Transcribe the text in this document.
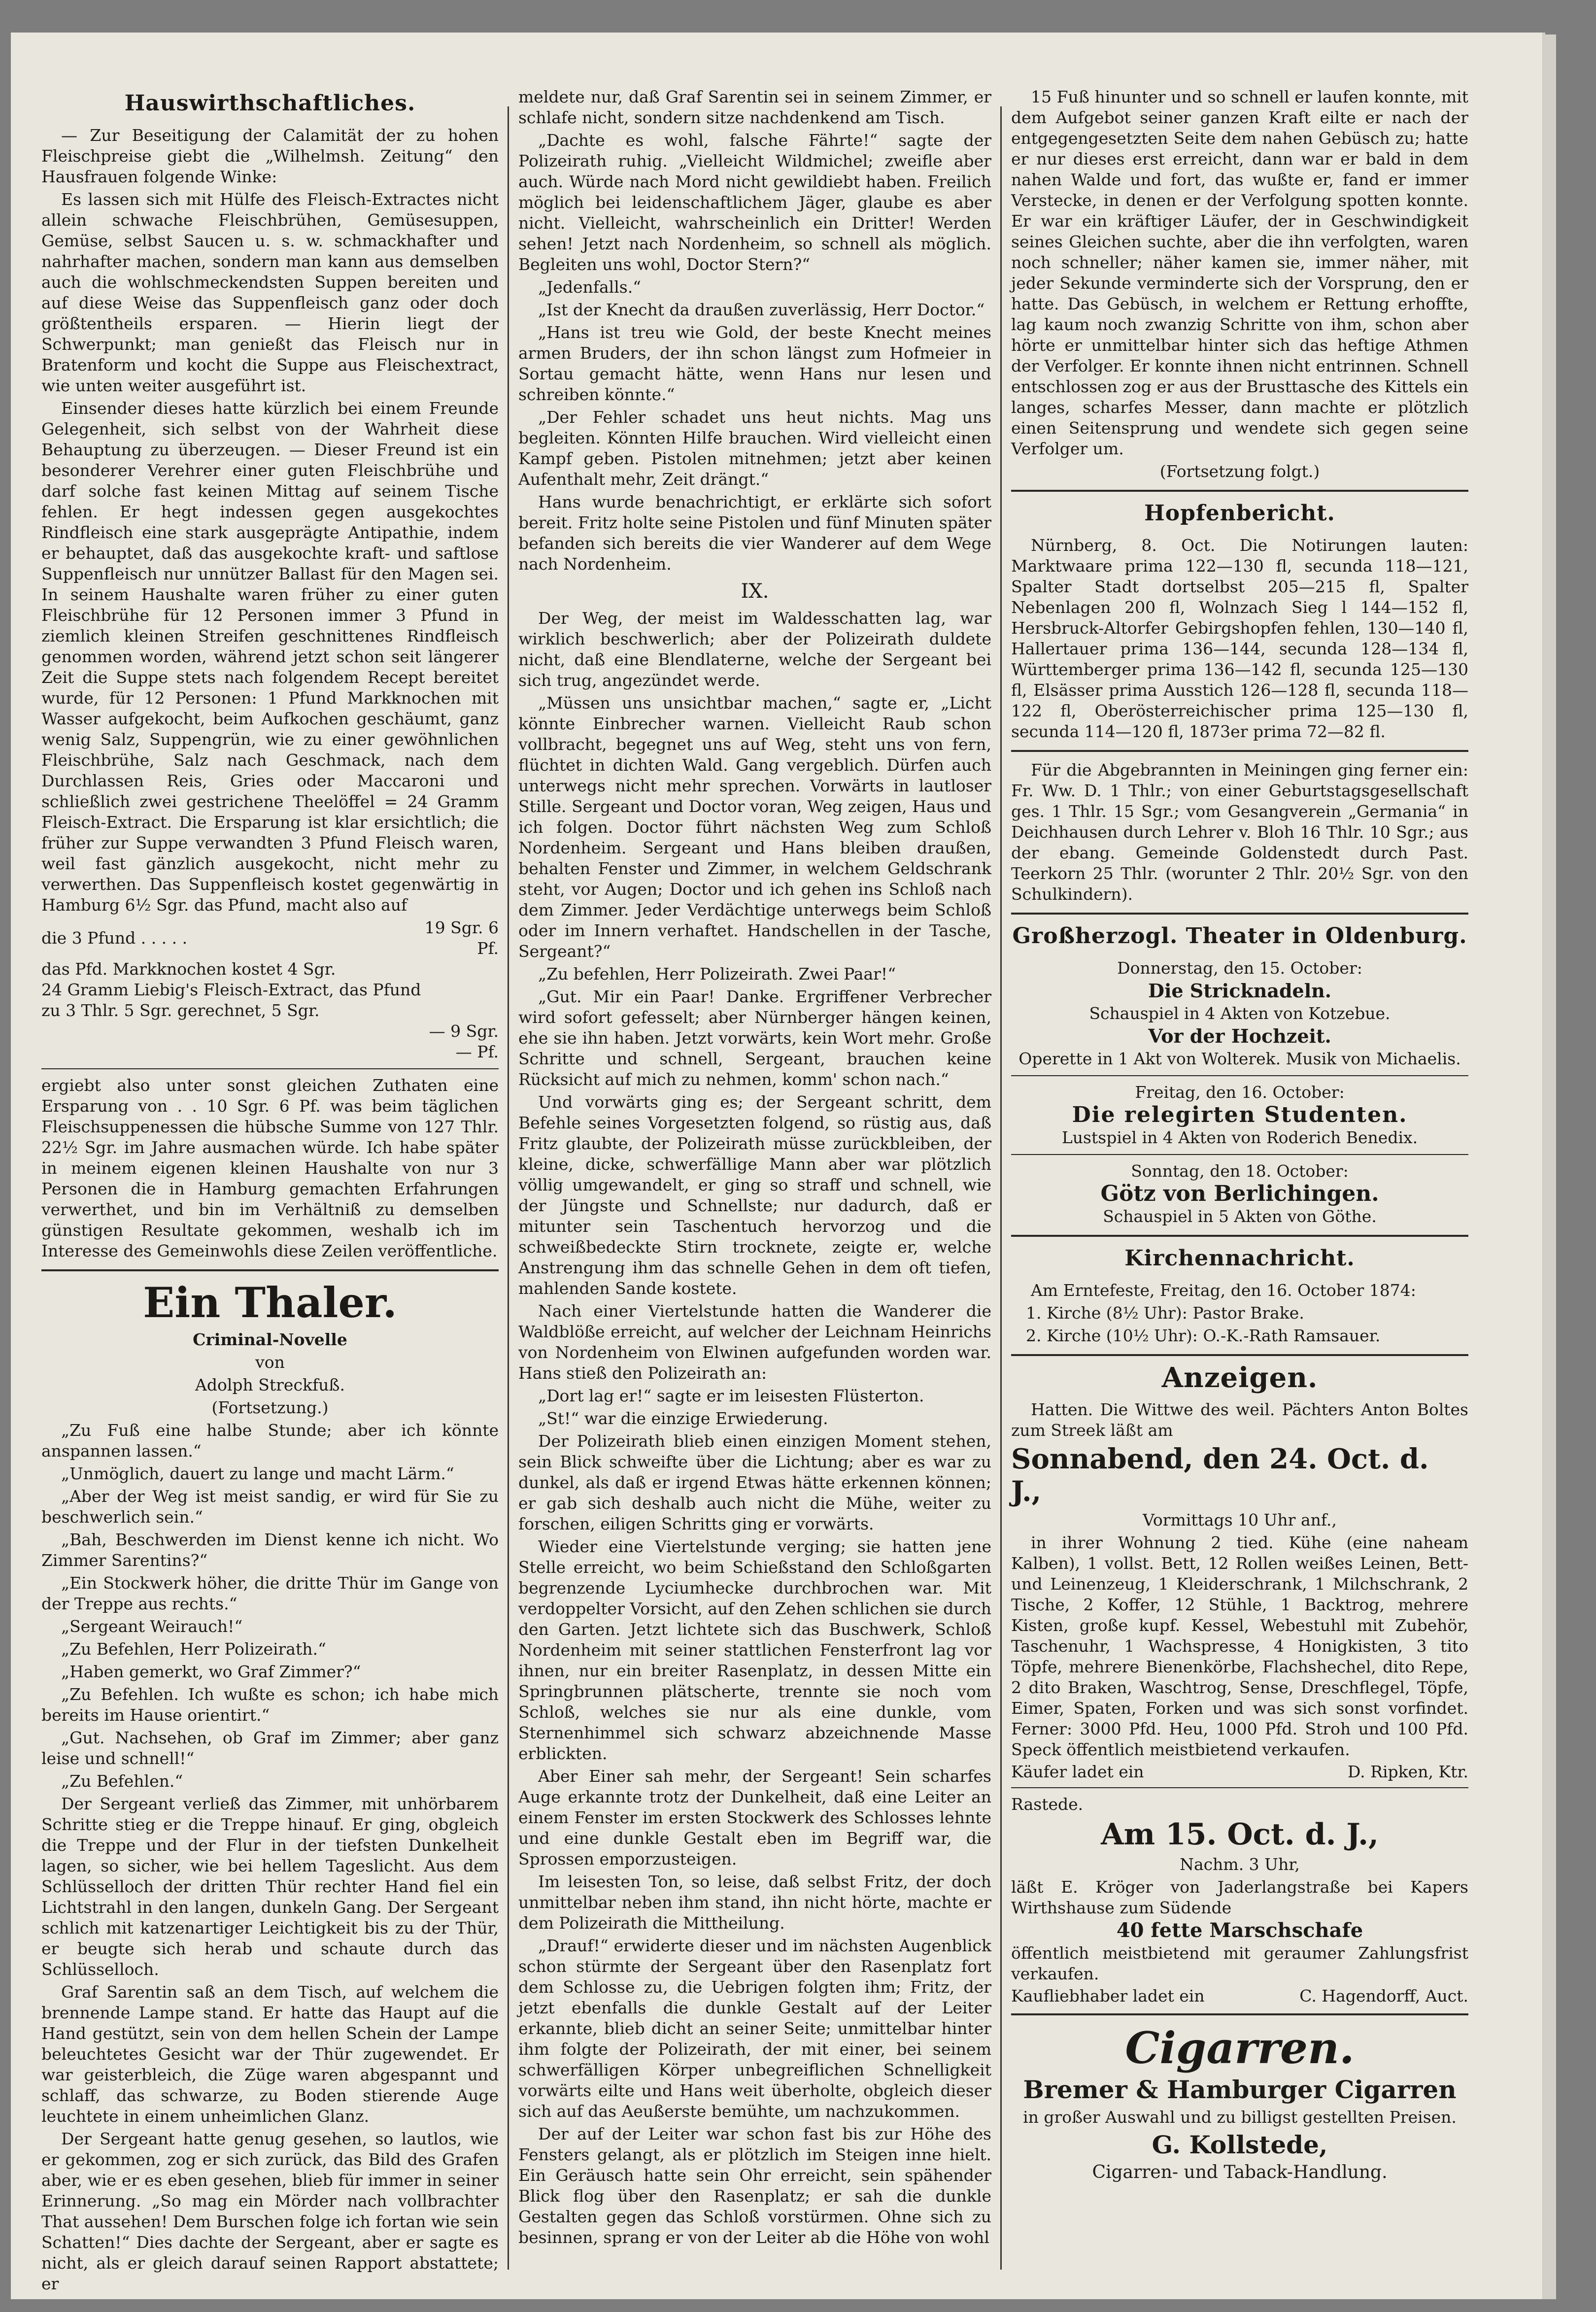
Hauswirthschaftliches.

— Zur Beseitigung der Calamität der zu hohen Fleischpreise giebt die „Wilhelmsh. Zeitung“ den Hausfrauen folgende Winke:

Es lassen sich mit Hülfe des Fleisch-Extractes nicht allein schwache Fleischbrühen, Gemüsesuppen, Gemüse, selbst Saucen u. s. w. schmackhafter und nahrhafter machen, sondern man kann aus demselben auch die wohlschmeckendsten Suppen bereiten und auf diese Weise das Suppenfleisch ganz oder doch größtentheils ersparen. — Hierin liegt der Schwerpunkt; man genießt das Fleisch nur in Bratenform und kocht die Suppe aus Fleischextract, wie unten weiter ausgeführt ist.

Einsender dieses hatte kürzlich bei einem Freunde Gelegenheit, sich selbst von der Wahrheit diese Behauptung zu überzeugen. — Dieser Freund ist ein besonderer Verehrer einer guten Fleischbrühe und darf solche fast keinen Mittag auf seinem Tische fehlen. Er hegt indessen gegen ausgekochtes Rindfleisch eine stark ausgeprägte Antipathie, indem er behauptet, daß das ausgekochte kraft- und saftlose Suppenfleisch nur unnützer Ballast für den Magen sei. In seinem Haushalte waren früher zu einer guten Fleischbrühe für 12 Personen immer 3 Pfund in ziemlich kleinen Streifen geschnittenes Rindfleisch genommen worden, während jetzt schon seit längerer Zeit die Suppe stets nach folgendem Recept bereitet wurde, für 12 Personen: 1 Pfund Markknochen mit Wasser aufgekocht, beim Aufkochen geschäumt, ganz wenig Salz, Suppengrün, wie zu einer gewöhnlichen Fleischbrühe, Salz nach Geschmack, nach dem Durchlassen Reis, Gries oder Maccaroni und schließlich zwei gestrichene Theelöffel = 24 Gramm Fleisch-Extract. Die Ersparung ist klar ersichtlich; die früher zur Suppe verwandten 3 Pfund Fleisch waren, weil fast gänzlich ausgekocht, nicht mehr zu verwerthen. Das Suppenfleisch kostet gegenwärtig in Hamburg 6½ Sgr. das Pfund, macht also auf

die 3 Pfund . . . . .	19 Sgr. 6 Pf.
das Pfd. Markknochen kostet 4 Sgr.	
24 Gramm Liebig's Fleisch-Extract, das Pfund zu 3 Thlr. 5 Sgr. gerechnet, 5 Sgr.	
	— 9 Sgr. — Pf.

ergiebt also unter sonst gleichen Zuthaten eine Ersparung von . . 10 Sgr. 6 Pf. was beim täglichen Fleischsuppenessen die hübsche Summe von 127 Thlr. 22½ Sgr. im Jahre ausmachen würde. Ich habe später in meinem eigenen kleinen Haushalte von nur 3 Personen die in Hamburg gemachten Erfahrungen verwerthet, und bin im Verhältniß zu demselben günstigen Resultate gekommen, weshalb ich im Interesse des Gemeinwohls diese Zeilen veröffentliche.

Ein Thaler.

Criminal-Novelle

von

Adolph Streckfuß.

(Fortsetzung.)

„Zu Fuß eine halbe Stunde; aber ich könnte anspannen lassen.“

„Unmöglich, dauert zu lange und macht Lärm.“

„Aber der Weg ist meist sandig, er wird für Sie zu beschwerlich sein.“

„Bah, Beschwerden im Dienst kenne ich nicht. Wo Zimmer Sarentins?“

„Ein Stockwerk höher, die dritte Thür im Gange von der Treppe aus rechts.“

„Sergeant Weirauch!“

„Zu Befehlen, Herr Polizeirath.“

„Haben gemerkt, wo Graf Zimmer?“

„Zu Befehlen. Ich wußte es schon; ich habe mich bereits im Hause orientirt.“

„Gut. Nachsehen, ob Graf im Zimmer; aber ganz leise und schnell!“

„Zu Befehlen.“

Der Sergeant verließ das Zimmer, mit unhörbarem Schritte stieg er die Treppe hinauf. Er ging, obgleich die Treppe und der Flur in der tiefsten Dunkelheit lagen, so sicher, wie bei hellem Tageslicht. Aus dem Schlüsselloch der dritten Thür rechter Hand fiel ein Lichtstrahl in den langen, dunkeln Gang. Der Sergeant schlich mit katzenartiger Leichtigkeit bis zu der Thür, er beugte sich herab und schaute durch das Schlüsselloch.

Graf Sarentin saß an dem Tisch, auf welchem die brennende Lampe stand. Er hatte das Haupt auf die Hand gestützt, sein von dem hellen Schein der Lampe beleuchtetes Gesicht war der Thür zugewendet. Er war geisterbleich, die Züge waren abgespannt und schlaff, das schwarze, zu Boden stierende Auge leuchtete in einem unheimlichen Glanz.

Der Sergeant hatte genug gesehen, so lautlos, wie er gekommen, zog er sich zurück, das Bild des Grafen aber, wie er es eben gesehen, blieb für immer in seiner Erinnerung. „So mag ein Mörder nach vollbrachter That aussehen! Dem Burschen folge ich fortan wie sein Schatten!“ Dies dachte der Sergeant, aber er sagte es nicht, als er gleich darauf seinen Rapport abstattete; er

meldete nur, daß Graf Sarentin sei in seinem Zimmer, er schlafe nicht, sondern sitze nachdenkend am Tisch.

„Dachte es wohl, falsche Fährte!“ sagte der Polizeirath ruhig. „Vielleicht Wildmichel; zweifle aber auch. Würde nach Mord nicht gewildiebt haben. Freilich möglich bei leidenschaftlichem Jäger, glaube es aber nicht. Vielleicht, wahrscheinlich ein Dritter! Werden sehen! Jetzt nach Nordenheim, so schnell als möglich. Begleiten uns wohl, Doctor Stern?“

„Jedenfalls.“

„Ist der Knecht da draußen zuverlässig, Herr Doctor.“

„Hans ist treu wie Gold, der beste Knecht meines armen Bruders, der ihn schon längst zum Hofmeier in Sortau gemacht hätte, wenn Hans nur lesen und schreiben könnte.“

„Der Fehler schadet uns heut nichts. Mag uns begleiten. Könnten Hilfe brauchen. Wird vielleicht einen Kampf geben. Pistolen mitnehmen; jetzt aber keinen Aufenthalt mehr, Zeit drängt.“

Hans wurde benachrichtigt, er erklärte sich sofort bereit. Fritz holte seine Pistolen und fünf Minuten später befanden sich bereits die vier Wanderer auf dem Wege nach Nordenheim.

IX.

Der Weg, der meist im Waldesschatten lag, war wirklich beschwerlich; aber der Polizeirath duldete nicht, daß eine Blendlaterne, welche der Sergeant bei sich trug, angezündet werde.

„Müssen uns unsichtbar machen,“ sagte er, „Licht könnte Einbrecher warnen. Vielleicht Raub schon vollbracht, begegnet uns auf Weg, steht uns von fern, flüchtet in dichten Wald. Gang vergeblich. Dürfen auch unterwegs nicht mehr sprechen. Vorwärts in lautloser Stille. Sergeant und Doctor voran, Weg zeigen, Haus und ich folgen. Doctor führt nächsten Weg zum Schloß Nordenheim. Sergeant und Hans bleiben draußen, behalten Fenster und Zimmer, in welchem Geldschrank steht, vor Augen; Doctor und ich gehen ins Schloß nach dem Zimmer. Jeder Verdächtige unterwegs beim Schloß oder im Innern verhaftet. Handschellen in der Tasche, Sergeant?“

„Zu befehlen, Herr Polizeirath. Zwei Paar!“

„Gut. Mir ein Paar! Danke. Ergriffener Verbrecher wird sofort gefesselt; aber Nürnberger hängen keinen, ehe sie ihn haben. Jetzt vorwärts, kein Wort mehr. Große Schritte und schnell, Sergeant, brauchen keine Rücksicht auf mich zu nehmen, komm' schon nach.“

Und vorwärts ging es; der Sergeant schritt, dem Befehle seines Vorgesetzten folgend, so rüstig aus, daß Fritz glaubte, der Polizeirath müsse zurückbleiben, der kleine, dicke, schwerfällige Mann aber war plötzlich völlig umgewandelt, er ging so straff und schnell, wie der Jüngste und Schnellste; nur dadurch, daß er mitunter sein Taschentuch hervorzog und die schweißbedeckte Stirn trocknete, zeigte er, welche Anstrengung ihm das schnelle Gehen in dem oft tiefen, mahlenden Sande kostete.

Nach einer Viertelstunde hatten die Wanderer die Waldblöße erreicht, auf welcher der Leichnam Heinrichs von Nordenheim von Elwinen aufgefunden worden war. Hans stieß den Polizeirath an:

„Dort lag er!“ sagte er im leisesten Flüsterton.

„St!“ war die einzige Erwiederung.

Der Polizeirath blieb einen einzigen Moment stehen, sein Blick schweifte über die Lichtung; aber es war zu dunkel, als daß er irgend Etwas hätte erkennen können; er gab sich deshalb auch nicht die Mühe, weiter zu forschen, eiligen Schritts ging er vorwärts.

Wieder eine Viertelstunde verging; sie hatten jene Stelle erreicht, wo beim Schießstand den Schloßgarten begrenzende Lyciumhecke durchbrochen war. Mit verdoppelter Vorsicht, auf den Zehen schlichen sie durch den Garten. Jetzt lichtete sich das Buschwerk, Schloß Nordenheim mit seiner stattlichen Fensterfront lag vor ihnen, nur ein breiter Rasenplatz, in dessen Mitte ein Springbrunnen plätscherte, trennte sie noch vom Schloß, welches sie nur als eine dunkle, vom Sternenhimmel sich schwarz abzeichnende Masse erblickten.

Aber Einer sah mehr, der Sergeant! Sein scharfes Auge erkannte trotz der Dunkelheit, daß eine Leiter an einem Fenster im ersten Stockwerk des Schlosses lehnte und eine dunkle Gestalt eben im Begriff war, die Sprossen emporzusteigen.

Im leisesten Ton, so leise, daß selbst Fritz, der doch unmittelbar neben ihm stand, ihn nicht hörte, machte er dem Polizeirath die Mittheilung.

„Drauf!“ erwiderte dieser und im nächsten Augenblick schon stürmte der Sergeant über den Rasenplatz fort dem Schlosse zu, die Uebrigen folgten ihm; Fritz, der jetzt ebenfalls die dunkle Gestalt auf der Leiter erkannte, blieb dicht an seiner Seite; unmittelbar hinter ihm folgte der Polizeirath, der mit einer, bei seinem schwerfälligen Körper unbegreiflichen Schnelligkeit vorwärts eilte und Hans weit überholte, obgleich dieser sich auf das Aeußerste bemühte, um nachzukommen.

Der auf der Leiter war schon fast bis zur Höhe des Fensters gelangt, als er plötzlich im Steigen inne hielt. Ein Geräusch hatte sein Ohr erreicht, sein spähender Blick flog über den Rasenplatz; er sah die dunkle Gestalten gegen das Schloß vorstürmen. Ohne sich zu besinnen, sprang er von der Leiter ab die Höhe von wohl

15 Fuß hinunter und so schnell er laufen konnte, mit dem Aufgebot seiner ganzen Kraft eilte er nach der entgegengesetzten Seite dem nahen Gebüsch zu; hatte er nur dieses erst erreicht, dann war er bald in dem nahen Walde und fort, das wußte er, fand er immer Verstecke, in denen er der Verfolgung spotten konnte. Er war ein kräftiger Läufer, der in Geschwindigkeit seines Gleichen suchte, aber die ihn verfolgten, waren noch schneller; näher kamen sie, immer näher, mit jeder Sekunde verminderte sich der Vorsprung, den er hatte. Das Gebüsch, in welchem er Rettung erhoffte, lag kaum noch zwanzig Schritte von ihm, schon aber hörte er unmittelbar hinter sich das heftige Athmen der Verfolger. Er konnte ihnen nicht entrinnen. Schnell entschlossen zog er aus der Brusttasche des Kittels ein langes, scharfes Messer, dann machte er plötzlich einen Seitensprung und wendete sich gegen seine Verfolger um.

(Fortsetzung folgt.)

Hopfenbericht.

Nürnberg, 8. Oct. Die Notirungen lauten: Marktwaare prima 122—130 fl, secunda 118—121, Spalter Stadt dortselbst 205—215 fl, Spalter Nebenlagen 200 fl, Wolnzach Sieg l 144—152 fl, Hersbruck-Altorfer Gebirgshopfen fehlen, 130—140 fl, Hallertauer prima 136—144, secunda 128—134 fl, Württemberger prima 136—142 fl, secunda 125—130 fl, Elsässer prima Ausstich 126—128 fl, secunda 118—122 fl, Oberösterreichischer prima 125—130 fl, secunda 114—120 fl, 1873er prima 72—82 fl.

Für die Abgebrannten in Meiningen ging ferner ein: Fr. Ww. D. 1 Thlr.; von einer Geburtstagsgesellschaft ges. 1 Thlr. 15 Sgr.; vom Gesangverein „Germania“ in Deichhausen durch Lehrer v. Bloh 16 Thlr. 10 Sgr.; aus der ebang. Gemeinde Goldenstedt durch Past. Teerkorn 25 Thlr. (worunter 2 Thlr. 20½ Sgr. von den Schulkindern).

Großherzogl. Theater in Oldenburg.

Donnerstag, den 15. October:

Die Stricknadeln.

Schauspiel in 4 Akten von Kotzebue.

Vor der Hochzeit.

Operette in 1 Akt von Wolterek. Musik von Michaelis.

Freitag, den 16. October:

Die relegirten Studenten.

Lustspiel in 4 Akten von Roderich Benedix.

Sonntag, den 18. October:

Götz von Berlichingen.

Schauspiel in 5 Akten von Göthe.

Kirchennachricht.

Am Erntefeste, Freitag, den 16. October 1874:

1. Kirche (8½ Uhr): Pastor Brake.

2. Kirche (10½ Uhr): O.-K.-Rath Ramsauer.

Anzeigen.

Hatten. Die Wittwe des weil. Pächters Anton Boltes zum Streek läßt am

Sonnabend, den 24. Oct. d. J.,

Vormittags 10 Uhr anf.,

in ihrer Wohnung 2 tied. Kühe (eine naheam Kalben), 1 vollst. Bett, 12 Rollen weißes Leinen, Bett- und Leinenzeug, 1 Kleiderschrank, 1 Milchschrank, 2 Tische, 2 Koffer, 12 Stühle, 1 Backtrog, mehrere Kisten, große kupf. Kessel, Webestuhl mit Zubehör, Taschenuhr, 1 Wachspresse, 4 Honigkisten, 3 tito Töpfe, mehrere Bienenkörbe, Flachshechel, dito Repe, 2 dito Braken, Waschtrog, Sense, Dreschflegel, Töpfe, Eimer, Spaten, Forken und was sich sonst vorfindet. Ferner: 3000 Pfd. Heu, 1000 Pfd. Stroh und 100 Pfd. Speck öffentlich meistbietend verkaufen.

Käufer ladet ein	D. Ripken, Ktr.

Rastede.

Am 15. Oct. d. J.,

Nachm. 3 Uhr,

läßt E. Kröger von Jaderlangstraße bei Kapers Wirthshause zum Südende

40 fette Marschschafe

öffentlich meistbietend mit geraumer Zahlungsfrist verkaufen.

Kaufliebhaber ladet ein	C. Hagendorff, Auct.

Cigarren.

Bremer & Hamburger Cigarren

in großer Auswahl und zu billigst gestellten Preisen.

G. Kollstede,

Cigarren- und Taback-Handlung.
